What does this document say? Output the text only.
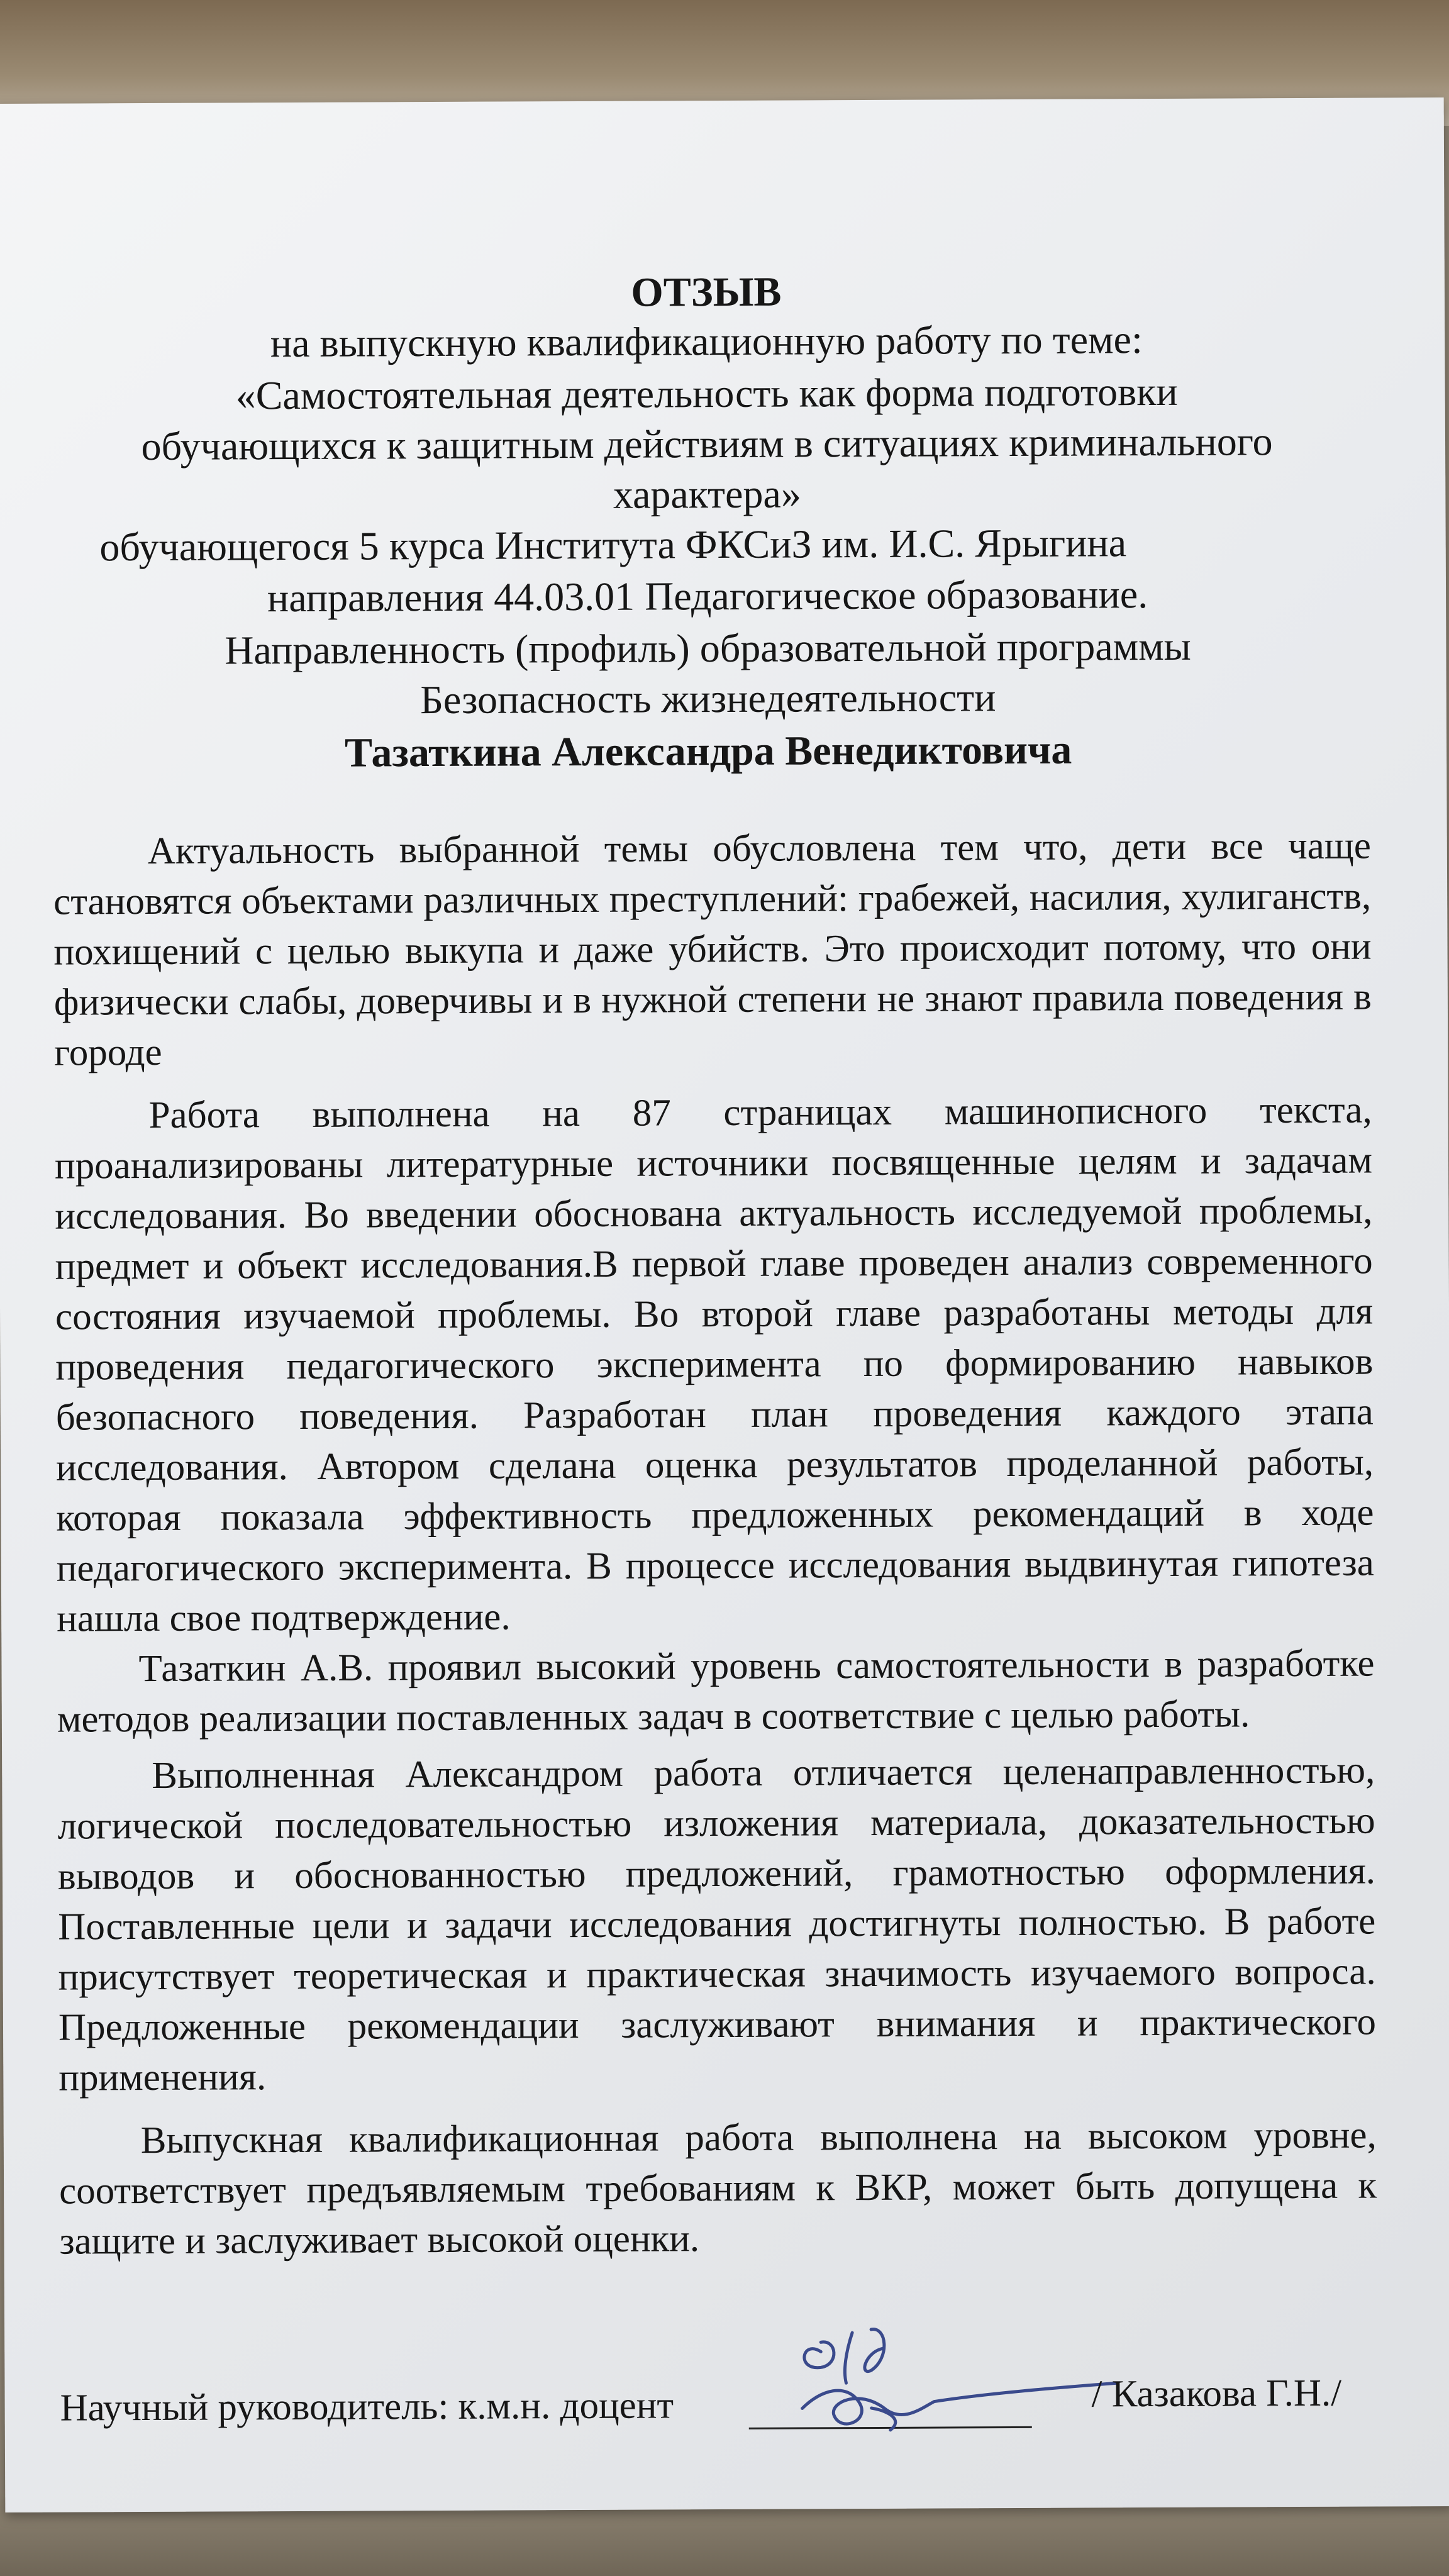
ОТЗЫВ
на выпускную квалификационную работу по теме:
«Самостоятельная деятельность как форма подготовки
обучающихся к защитным действиям в ситуациях криминального
характера»
обучающегося 5 курса Института ФКСиЗ им. И.С. Ярыгина
направления 44.03.01 Педагогическое образование.
Направленность (профиль) образовательной программы
Безопасность жизнедеятельности
Тазаткина Александра Венедиктовича
Актуальность выбранной темы обусловлена тем что, дети все чаще становятся объектами различных преступлений: грабежей, насилия, хулиганств, похищений с целью выкупа и даже убийств. Это происходит потому, что они физически слабы, доверчивы и в нужной степени не знают правила поведения в городе
Работа выполнена на 87 страницах машинописного текста, проанализированы литературные источники посвященные целям и задачам исследования. Во введении обоснована актуальность исследуемой проблемы, предмет и объект исследования.В первой главе проведен анализ современного состояния изучаемой проблемы. Во второй главе разработаны методы для проведения педагогического эксперимента по формированию навыков безопасного поведения. Разработан план проведения каждого этапа исследования. Автором сделана оценка результатов проделанной работы, которая показала эффективность предложенных рекомендаций в ходе педагогического эксперимента. В процессе исследования выдвинутая гипотеза нашла свое подтверждение.
Тазаткин А.В. проявил высокий уровень самостоятельности в разработке методов реализации поставленных задач в соответствие с целью работы.
Выполненная Александром работа отличается целенаправленностью, логической последовательностью изложения материала, доказательностью выводов и обоснованностью предложений, грамотностью оформления. Поставленные цели и задачи исследования достигнуты полностью. В работе присутствует теоретическая и практическая значимость изучаемого вопроса. Предложенные рекомендации заслуживают внимания и практического применения.
Выпускная квалификационная работа выполнена на высоком уровне, соответствует предъявляемым требованиям к ВКР, может быть допущена к защите и заслуживает высокой оценки.
Научный руководитель: к.м.н. доцент	/ Казакова Г.Н./
